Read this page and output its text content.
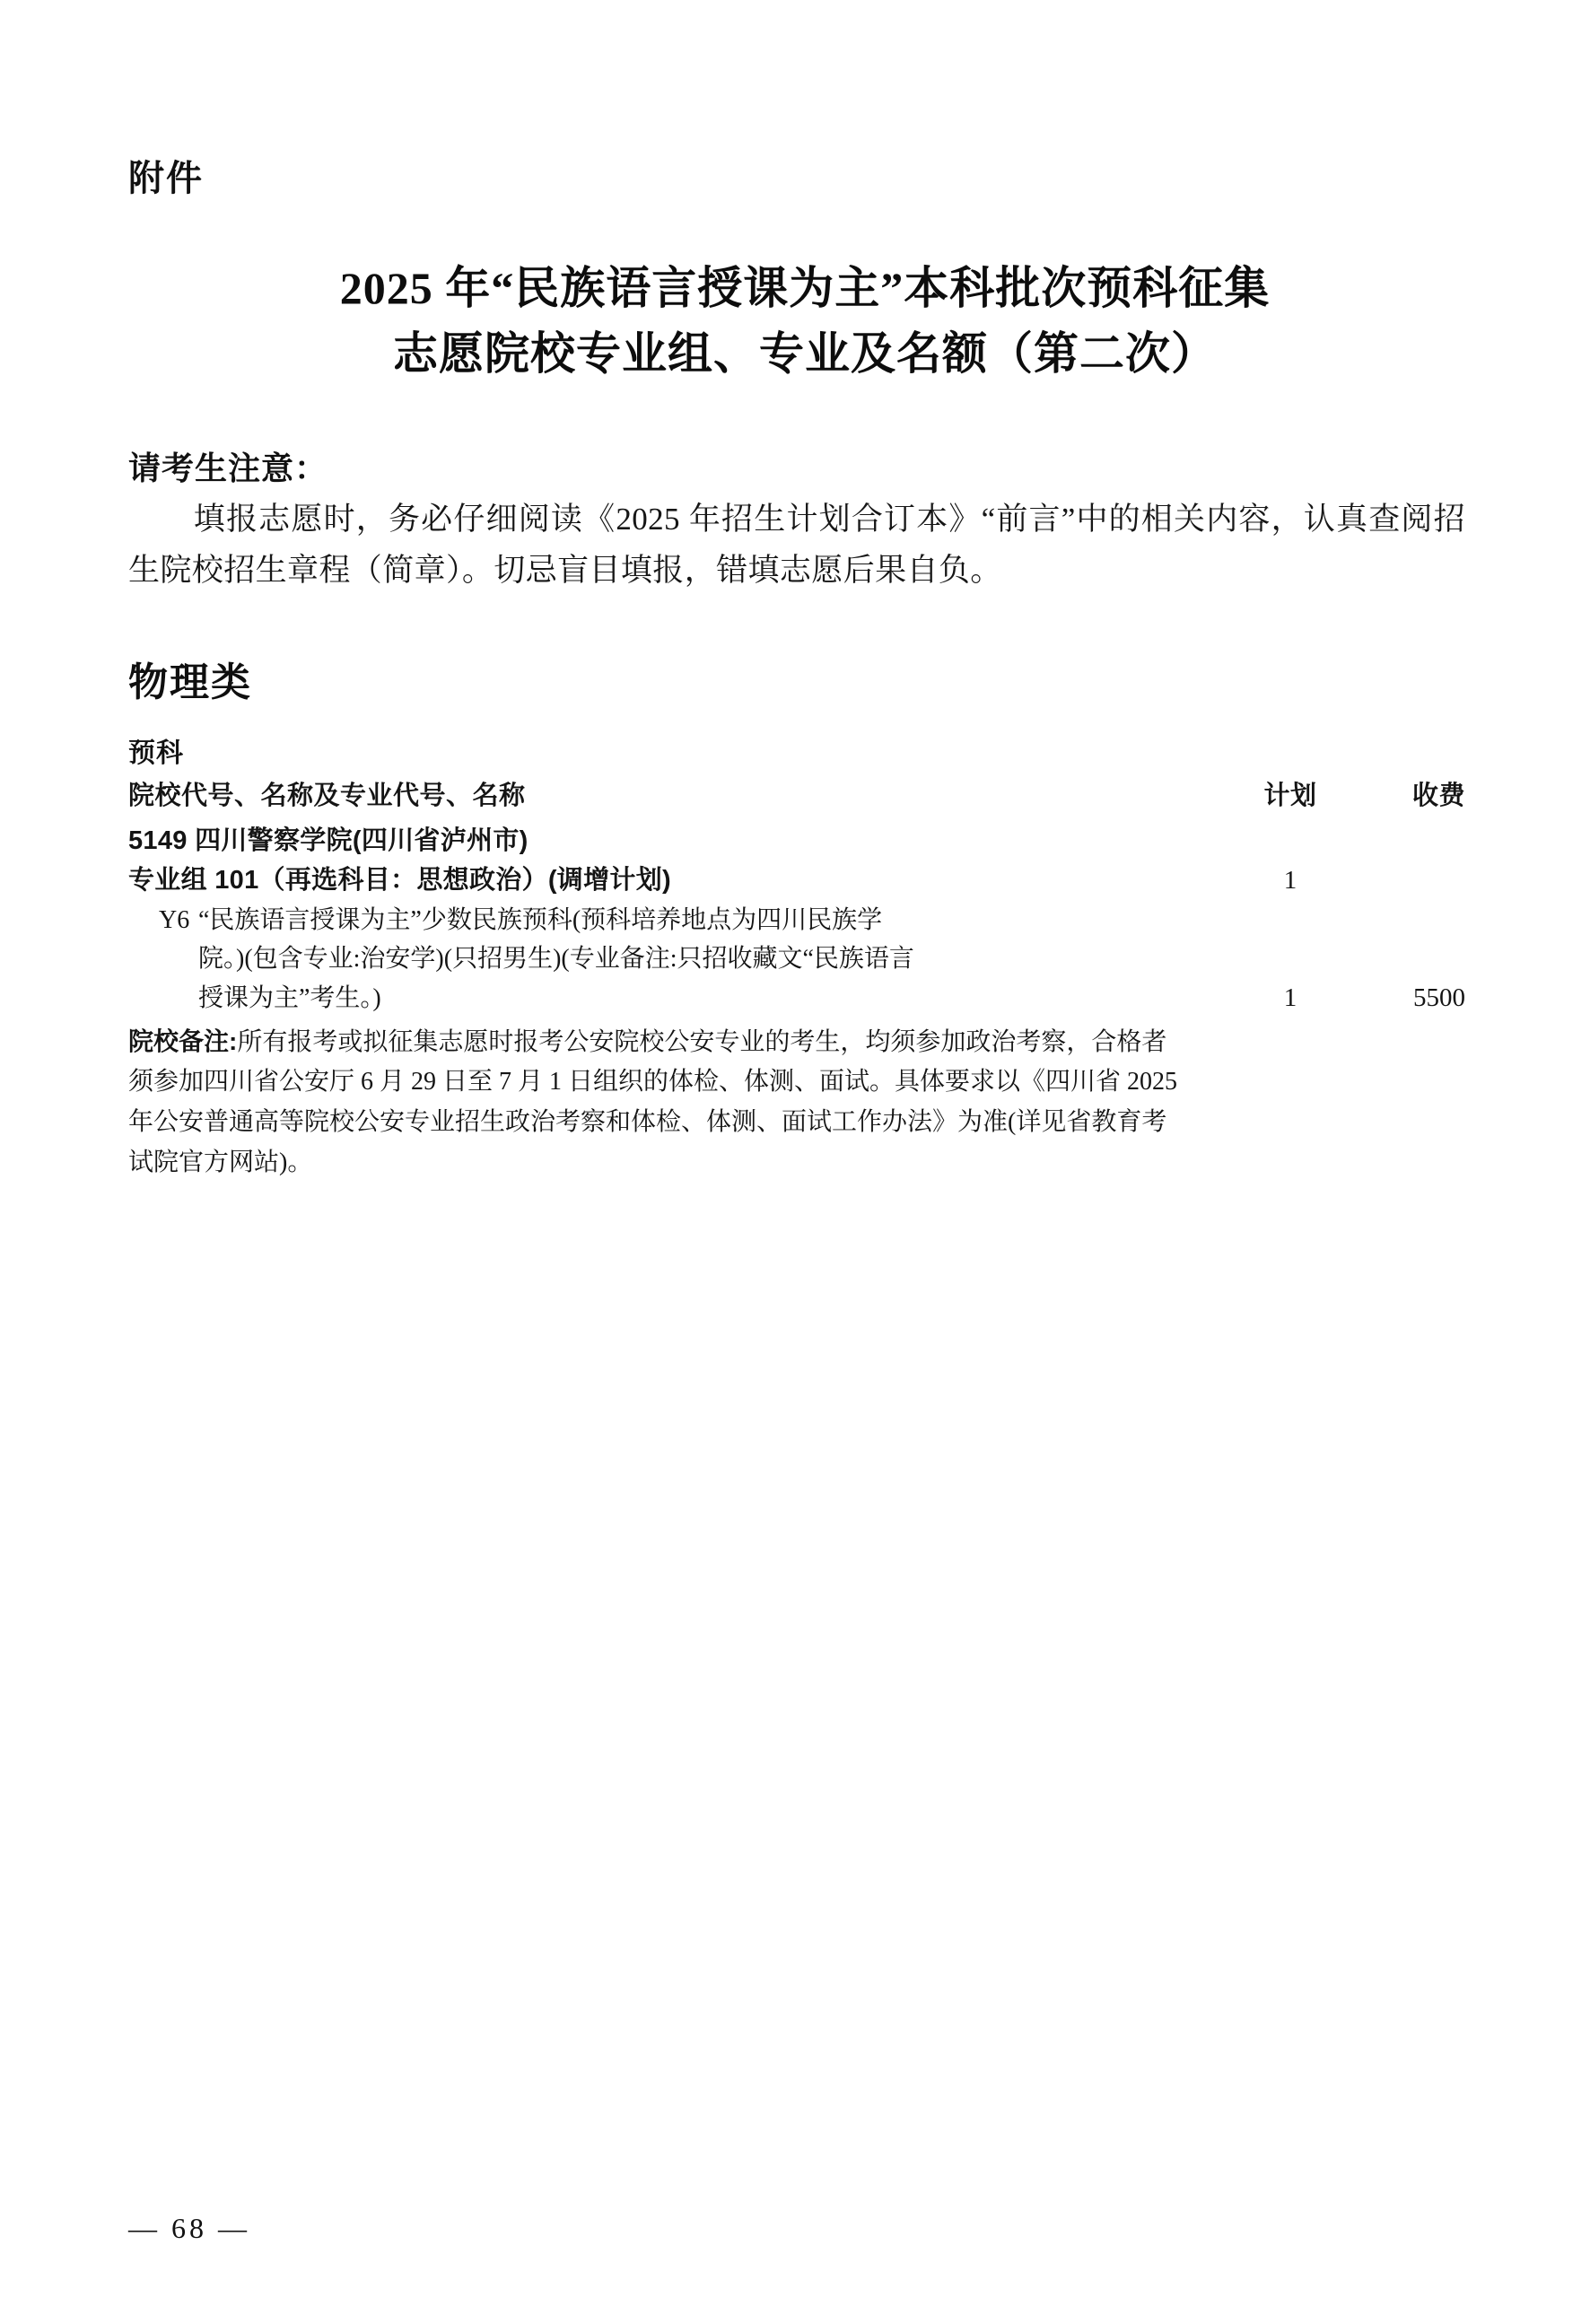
附件
2025 年“民族语言授课为主”本科批次预科征集
志愿院校专业组、专业及名额（第二次）
请考生注意：

填报志愿时，务必仔细阅读《2025 年招生计划合订本》“前言”中的相关内容，认真查阅招生院校招生章程（简章）。切忌盲目填报，错填志愿后果自负。

物理类
预科
院校代号、名称及专业代号、名称	计划	收费
5149 四川警察学院(四川省泸州市)
专业组 101（再选科目：思想政治）(调增计划)	1
Y6 “民族语言授课为主”少数民族预科(预科培养地点为四川民族学
院。)(包含专业:治安学)(只招男生)(专业备注:只招收藏文“民族语言
授课为主”考生。)	1	5500
院校备注:所有报考或拟征集志愿时报考公安院校公安专业的考生，均须参加政治考察，合格者
须参加四川省公安厅 6 月 29 日至 7 月 1 日组织的体检、体测、面试。具体要求以《四川省 2025
年公安普通高等院校公安专业招生政治考察和体检、体测、面试工作办法》为准(详见省教育考
试院官方网站)。
— 68 —
